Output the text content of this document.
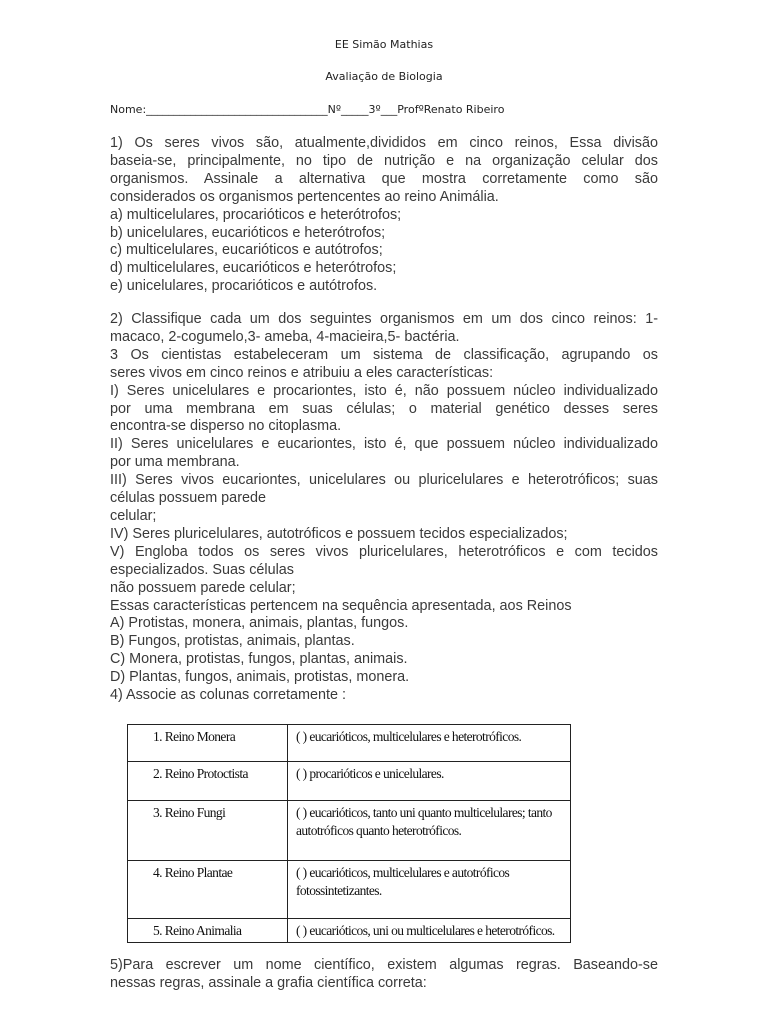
EE Simão Mathias
Avaliação de Biologia
Nome:_________________________________Nº_____3º___ProfºRenato Ribeiro

1) Os seres vivos são, atualmente,divididos em cinco reinos, Essa divisão

baseia-se, principalmente, no tipo de nutrição e na organização celular dos

organismos. Assinale a alternativa que mostra corretamente como são

considerados os organismos pertencentes ao reino Animália.

a) multicelulares, procarióticos e heterótrofos;

b) unicelulares, eucarióticos e heterótrofos;

c) multicelulares, eucarióticos e autótrofos;

d) multicelulares, eucarióticos e heterótrofos;

e) unicelulares, procarióticos e autótrofos.

2) Classifique cada um dos seguintes organismos em um dos cinco reinos: 1-

macaco, 2-cogumelo,3- ameba, 4-macieira,5- bactéria.

3 Os cientistas estabeleceram um sistema de classificação, agrupando os

seres vivos em cinco reinos e atribuiu a eles características:

I) Seres unicelulares e procariontes, isto é, não possuem núcleo individualizado

por uma membrana em suas células; o material genético desses seres

encontra-se disperso no citoplasma.

II) Seres unicelulares e eucariontes, isto é, que possuem núcleo individualizado

por uma membrana.

III) Seres vivos eucariontes, unicelulares ou pluricelulares e heterotróficos; suas

células possuem parede

celular;

IV) Seres pluricelulares, autotróficos e possuem tecidos especializados;

V) Engloba todos os seres vivos pluricelulares, heterotróficos e com tecidos

especializados. Suas células

não possuem parede celular;

Essas características pertencem na sequência apresentada, aos Reinos

A) Protistas, monera, animais, plantas, fungos.

B) Fungos, protistas, animais, plantas.

C) Monera, protistas, fungos, plantas, animais.

D) Plantas, fungos, animais, protistas, monera.

4) Associe as colunas corretamente :

1. Reino Monera	( ) eucarióticos, multicelulares e heterotróficos.
2. Reino Protoctista	( ) procarióticos e unicelulares.
3. Reino Fungi	( ) eucarióticos, tanto uni quanto multicelulares; tanto autotróficos quanto heterotróficos.
4. Reino Plantae	( ) eucarióticos, multicelulares e autotróficos fotossintetizantes.
5. Reino Animalia	( ) eucarióticos, uni ou multicelulares e heterotróficos.

5)Para escrever um nome científico, existem algumas regras. Baseando-se

nessas regras, assinale a grafia científica correta:
